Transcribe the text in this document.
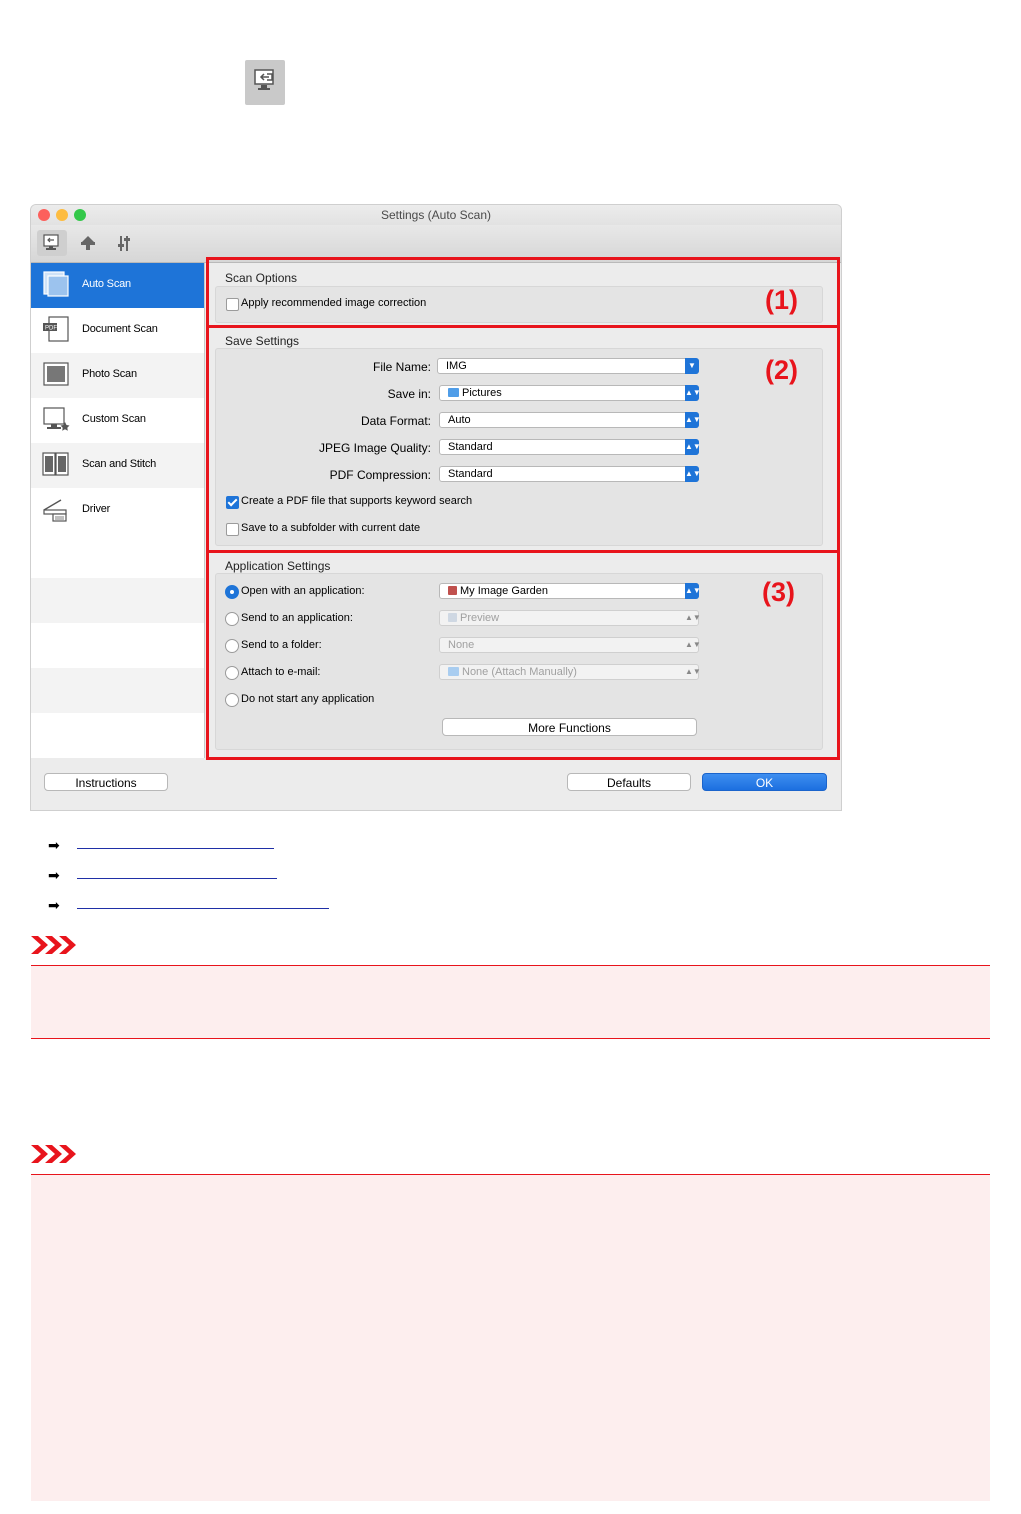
Settings (Auto Scan)
Auto Scan
PDF Document Scan
Photo Scan
Custom Scan
Scan and Stitch
Driver
Scan Options
Apply recommended image correction
Save Settings
File Name: IMG	▼
Save in:	Pictures	▲▼
Data Format: Auto	▲▼
JPEG Image Quality: Standard	▲▼
PDF Compression: Standard	▲▼
Create a PDF file that supports keyword search
Save to a subfolder with current date
Application Settings
Open with an application:	My Image Garden	▲▼
Send to an application:	Preview	▲▼
Send to a folder:	None	▲▼
Attach to e-mail:	None (Attach Manually)	▲▼
Do not start any application
More Functions
(1)
(2)
(3)
Instructions	Defaults	OK
➡
➡
➡
